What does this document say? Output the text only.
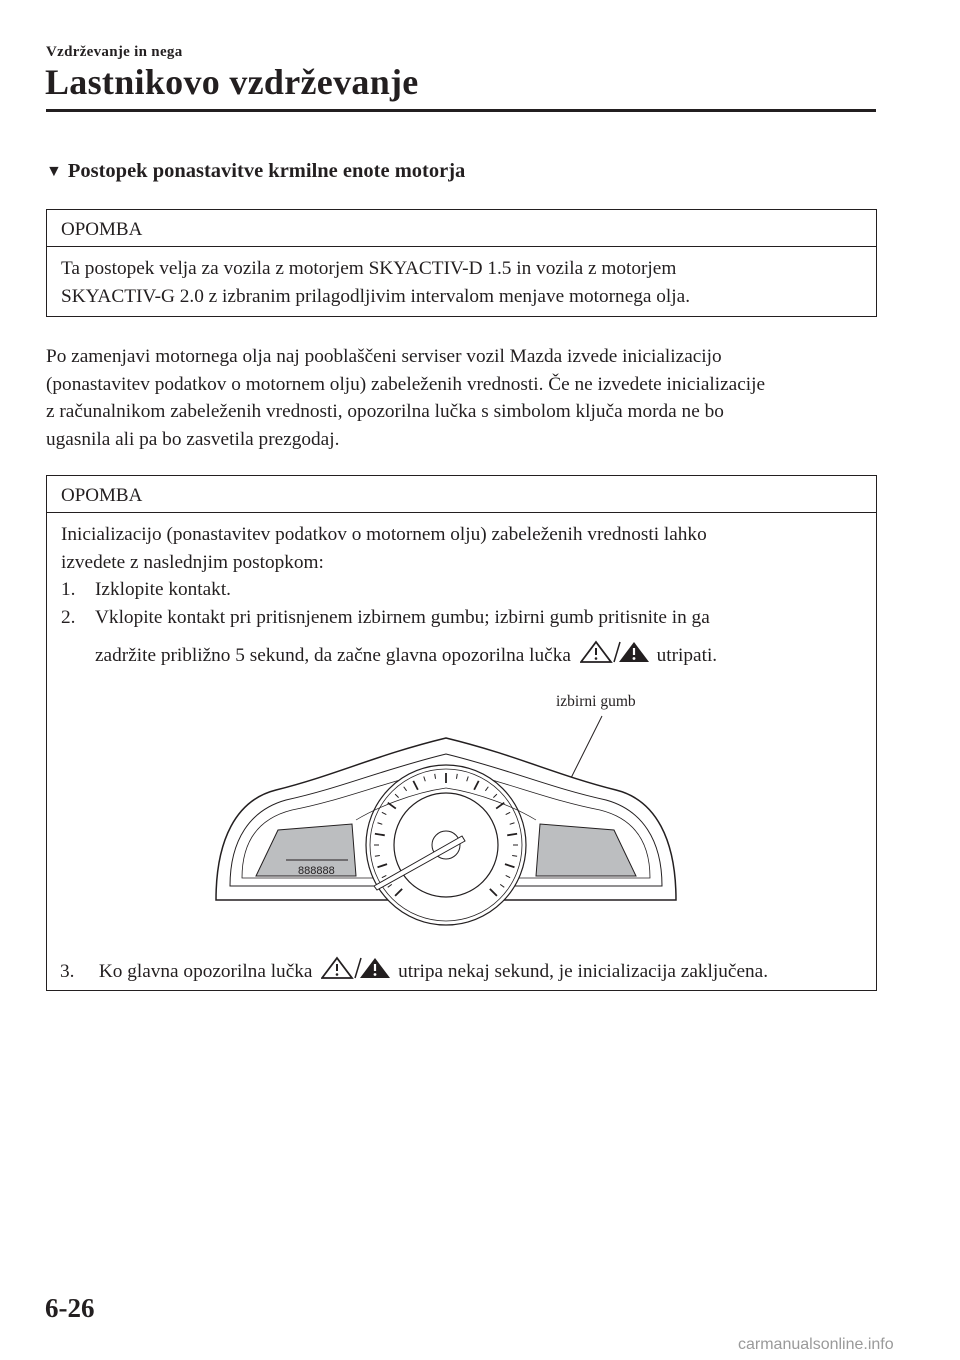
Vzdrževanje in nega
Lastnikovo vzdrževanje
▼ Postopek ponastavitve krmilne enote motorja
OPOMBA
Ta postopek velja za vozila z motorjem SKYACTIV-D 1.5 in vozila z motorjem
SKYACTIV-G 2.0 z izbranim prilagodljivim intervalom menjave motornega olja.

Po zamenjavi motornega olja naj pooblaščeni serviser vozil Mazda izvede inicializacijo

(ponastavitev podatkov o motornem olju) zabeleženih vrednosti. Če ne izvedete inicializacije

z računalnikom zabeleženih vrednosti, opozorilna lučka s simbolom ključa morda ne bo

ugasnila ali pa bo zasvetila prezgodaj.

OPOMBA
Inicializacijo (ponastavitev podatkov o motornem olju) zabeleženih vrednosti lahko
izvedete z naslednjim postopkom:
1.	Izklopite kontakt.
2.	Vklopite kontakt pri pritisnjenem izbirnem gumbu; izbirni gumb pritisnite in ga
zadržite približno 5 sekund, da začne glavna opozorilna lučka	utripati.
izbirni gumb
888888
3. Ko glavna opozorilna lučka	utripa nekaj sekund, je inicializacija zaključena.
6-26
carmanualsonline.info
